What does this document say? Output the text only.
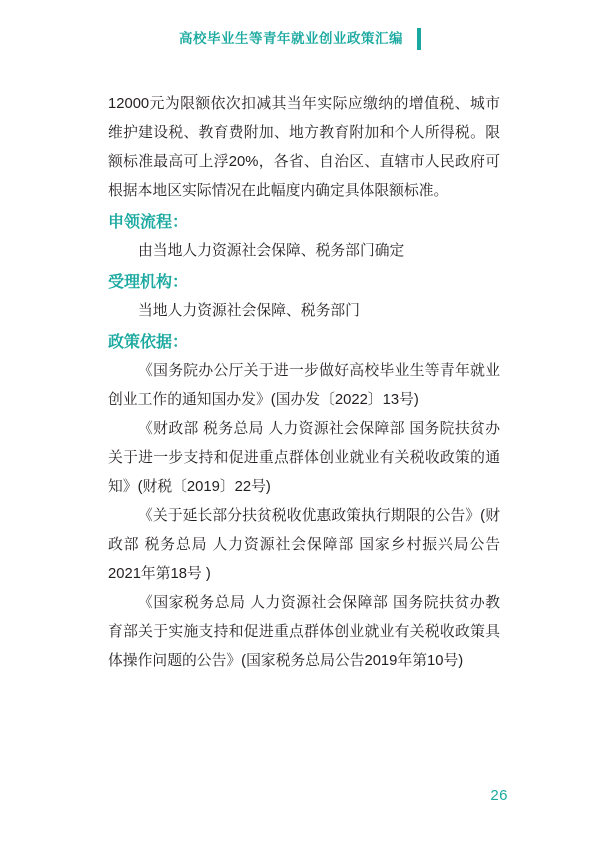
高校毕业生等青年就业创业政策汇编

12000元为限额依次扣减其当年实际应缴纳的增值税、城市维护建设税、教育费附加、地方教育附加和个人所得税。限额标准最高可上浮20%，各省、自治区、直辖市人民政府可根据本地区实际情况在此幅度内确定具体限额标准。

申领流程：

由当地人力资源社会保障、税务部门确定

受理机构：

当地人力资源社会保障、税务部门

政策依据：

《国务院办公厅关于进一步做好高校毕业生等青年就业创业工作的通知国办发》(国办发〔2022〕13号)

《财政部 税务总局 人力资源社会保障部 国务院扶贫办关于进一步支持和促进重点群体创业就业有关税收政策的通知》(财税〔2019〕22号)

《关于延长部分扶贫税收优惠政策执行期限的公告》(财政部 税务总局 人力资源社会保障部 国家乡村振兴局公告2021年第18号 )

《国家税务总局 人力资源社会保障部 国务院扶贫办教育部关于实施支持和促进重点群体创业就业有关税收政策具体操作问题的公告》(国家税务总局公告2019年第10号)

26
